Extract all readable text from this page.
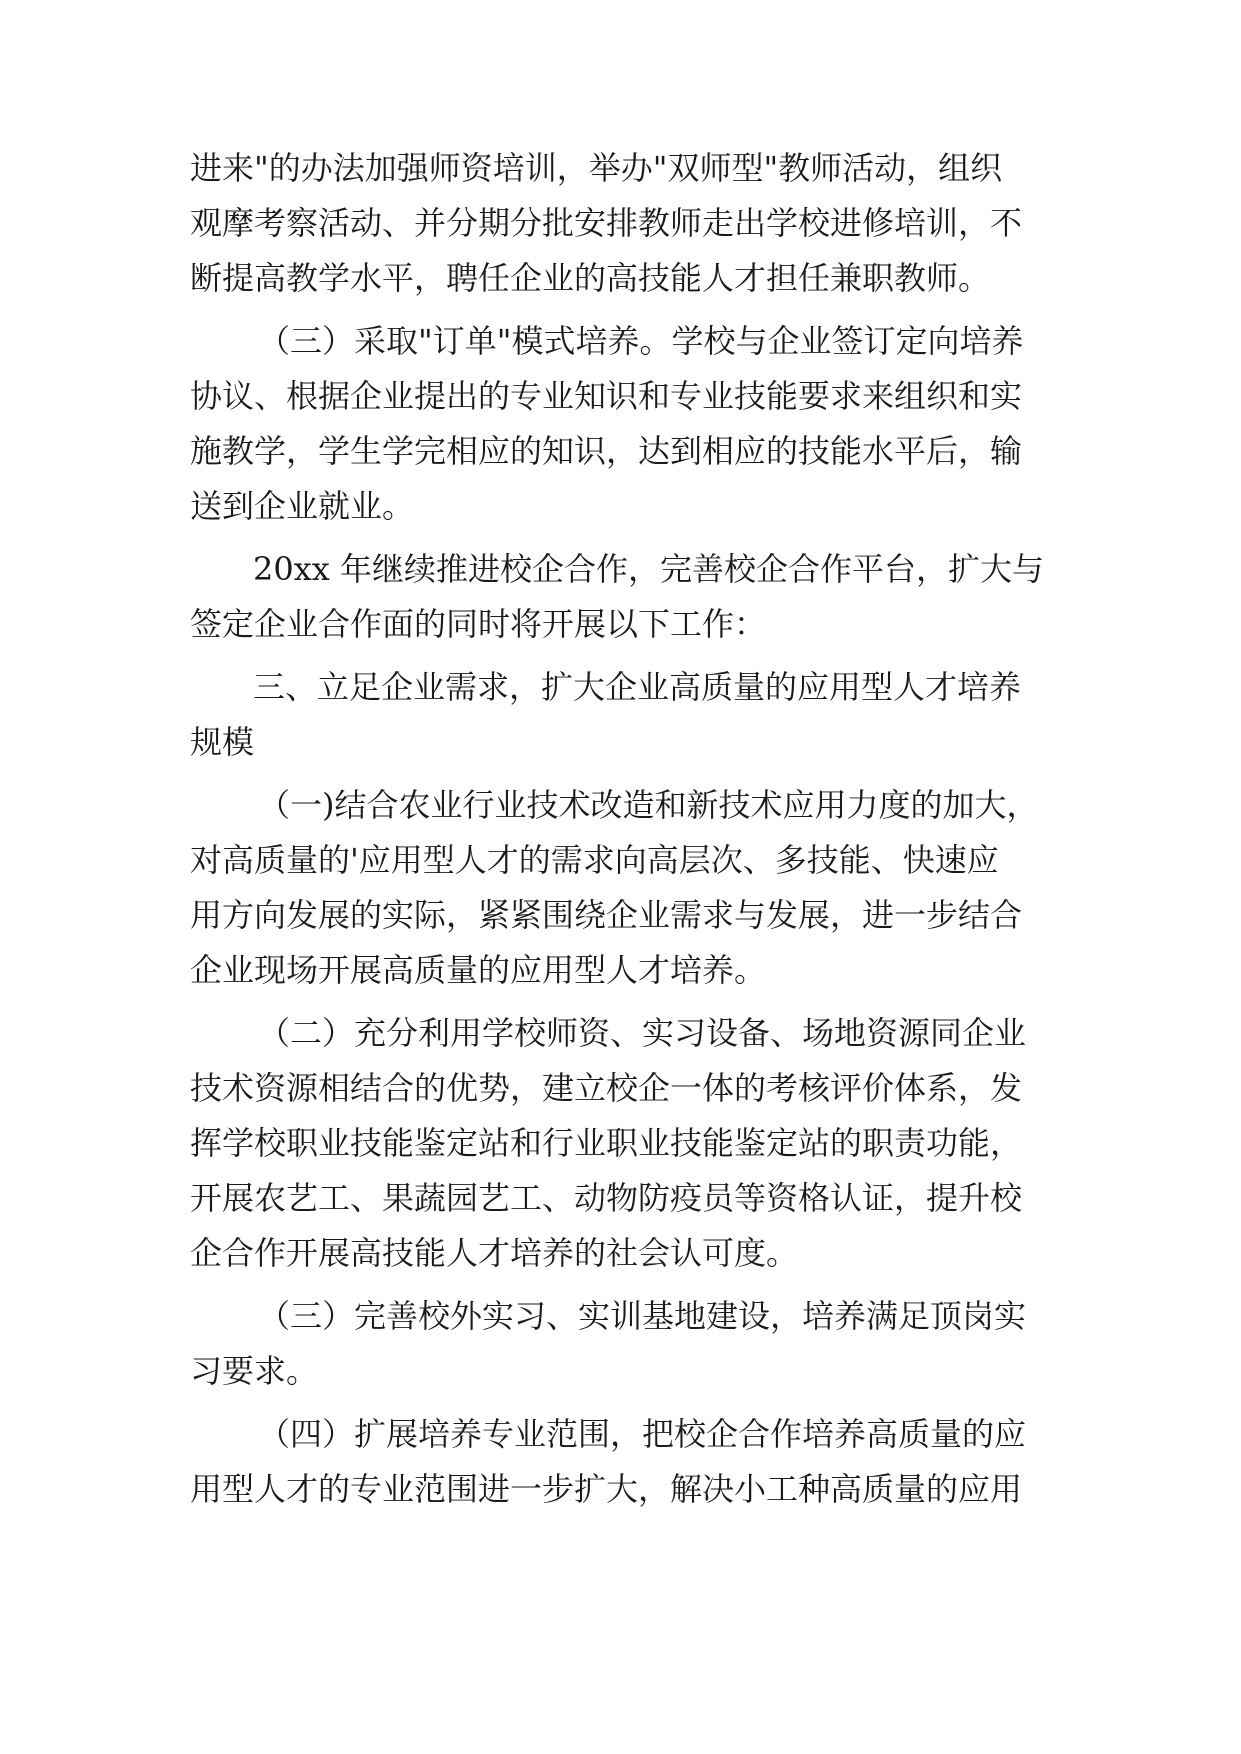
进来"的办法加强师资培训，举办"双师型"教师活动，组织
观摩考察活动、并分期分批安排教师走出学校进修培训，不
断提高教学水平，聘任企业的高技能人才担任兼职教师。
（三）采取"订单"模式培养。学校与企业签订定向培养
协议、根据企业提出的专业知识和专业技能要求来组织和实
施教学，学生学完相应的知识，达到相应的技能水平后，输
送到企业就业。
20xx 年继续推进校企合作，完善校企合作平台，扩大与
签定企业合作面的同时将开展以下工作：
三、立足企业需求，扩大企业高质量的应用型人才培养
规模
（一)结合农业行业技术改造和新技术应用力度的加大，
对高质量的'应用型人才的需求向高层次、多技能、快速应
用方向发展的实际，紧紧围绕企业需求与发展，进一步结合
企业现场开展高质量的应用型人才培养。
（二）充分利用学校师资、实习设备、场地资源同企业
技术资源相结合的优势，建立校企一体的考核评价体系，发
挥学校职业技能鉴定站和行业职业技能鉴定站的职责功能，
开展农艺工、果蔬园艺工、动物防疫员等资格认证，提升校
企合作开展高技能人才培养的社会认可度。
（三）完善校外实习、实训基地建设，培养满足顶岗实
习要求。
（四）扩展培养专业范围，把校企合作培养高质量的应
用型人才的专业范围进一步扩大，解决小工种高质量的应用
